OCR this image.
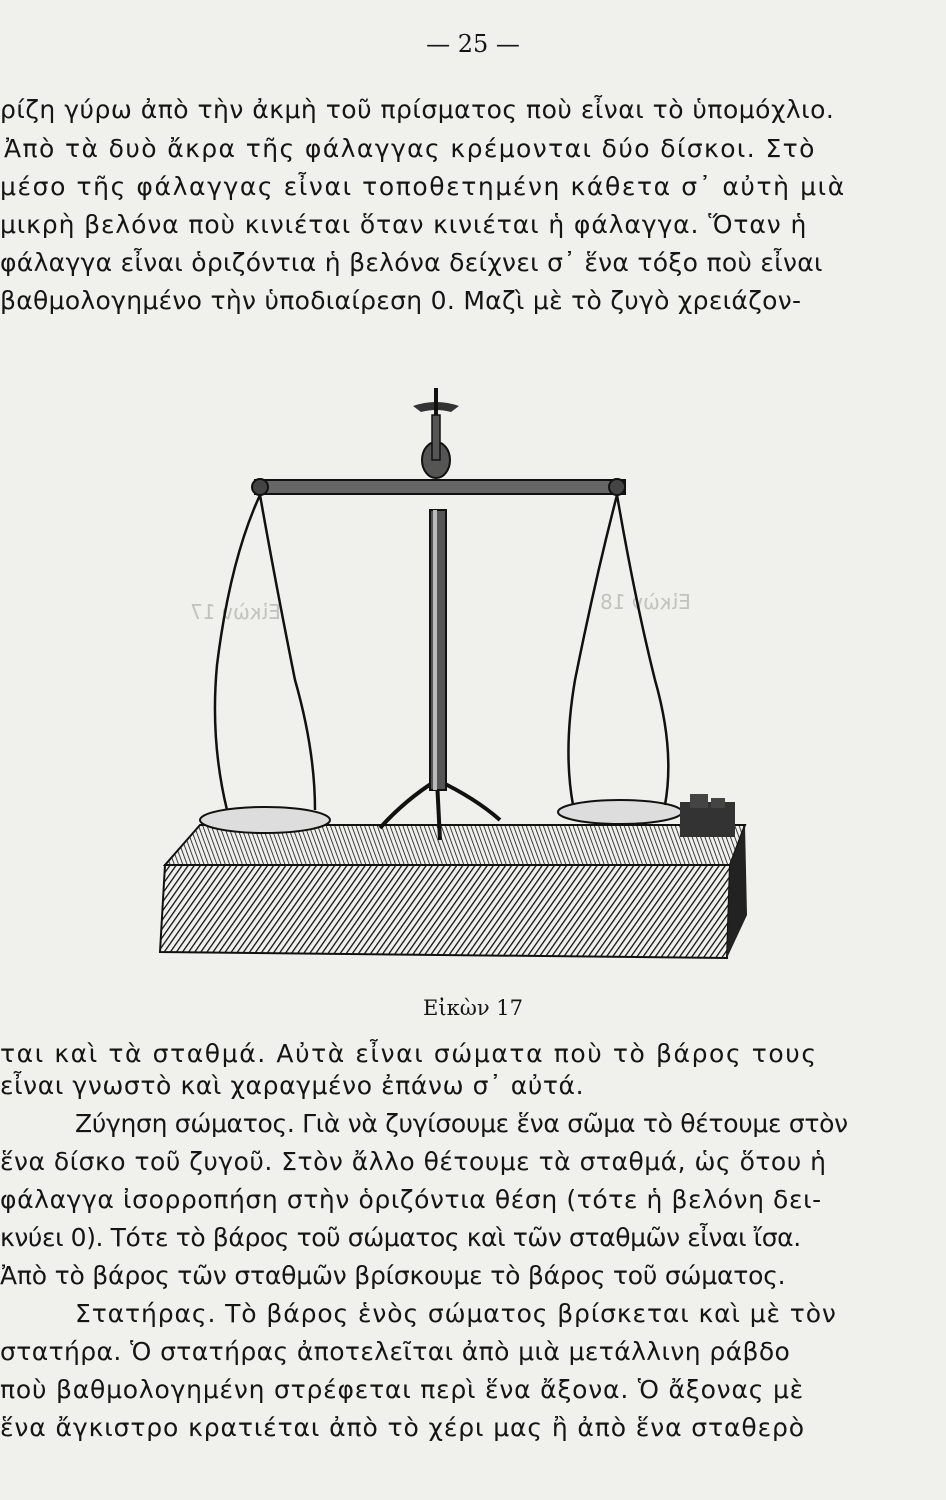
— 25 —
Εἰκὼν 18
Εἰκὼν 17
ρίζη γύρω ἀπὸ τὴν ἀκμὴ τοῦ πρίσματος ποὺ εἶναι τὸ ὑπομόχλιο.
Ἀπὸ τὰ δυὸ ἄκρα τῆς φάλαγγας κρέμονται δύο δίσκοι. Στὸ
μέσο τῆς φάλαγγας εἶναι τοποθετημένη κάθετα σ᾿ αὐτὴ μιὰ
μικρὴ βελόνα ποὺ κινιέται ὅταν κινιέται ἡ φάλαγγα. Ὅταν ἡ
φάλαγγα εἶναι ὁριζόντια ἡ βελόνα δείχνει σ᾿ ἕνα τόξο ποὺ εἶναι
βαθμολογημένο τὴν ὑποδιαίρεση 0. Μαζὶ μὲ τὸ ζυγὸ χρειάζον-
Εἰκὼν 17
ται καὶ τὰ σταθμά. Αὐτὰ εἶναι σώματα ποὺ τὸ βάρος τους
εἶναι γνωστὸ καὶ χαραγμένο ἐπάνω σ᾿ αὐτά.
Ζύγηση σώματος. Γιὰ νὰ ζυγίσουμε ἕνα σῶμα τὸ θέτουμε στὸν
ἕνα δίσκο τοῦ ζυγοῦ. Στὸν ἄλλο θέτουμε τὰ σταθμά, ὡς ὅτου ἡ
φάλαγγα ἰσορροπήση στὴν ὁριζόντια θέση (τότε ἡ βελόνη δει-
κνύει 0). Τότε τὸ βάρος τοῦ σώματος καὶ τῶν σταθμῶν εἶναι ἴσα.
Ἀπὸ τὸ βάρος τῶν σταθμῶν βρίσκουμε τὸ βάρος τοῦ σώματος.
Στατήρας. Τὸ βάρος ἑνὸς σώματος βρίσκεται καὶ μὲ τὸν
στατήρα. Ὁ στατήρας ἀποτελεῖται ἀπὸ μιὰ μετάλλινη ράβδο
ποὺ βαθμολογημένη στρέφεται περὶ ἕνα ἄξονα. Ὁ ἄξονας μὲ
ἕνα ἄγκιστρο κρατιέται ἀπὸ τὸ χέρι μας ἢ ἀπὸ ἕνα σταθερὸ
